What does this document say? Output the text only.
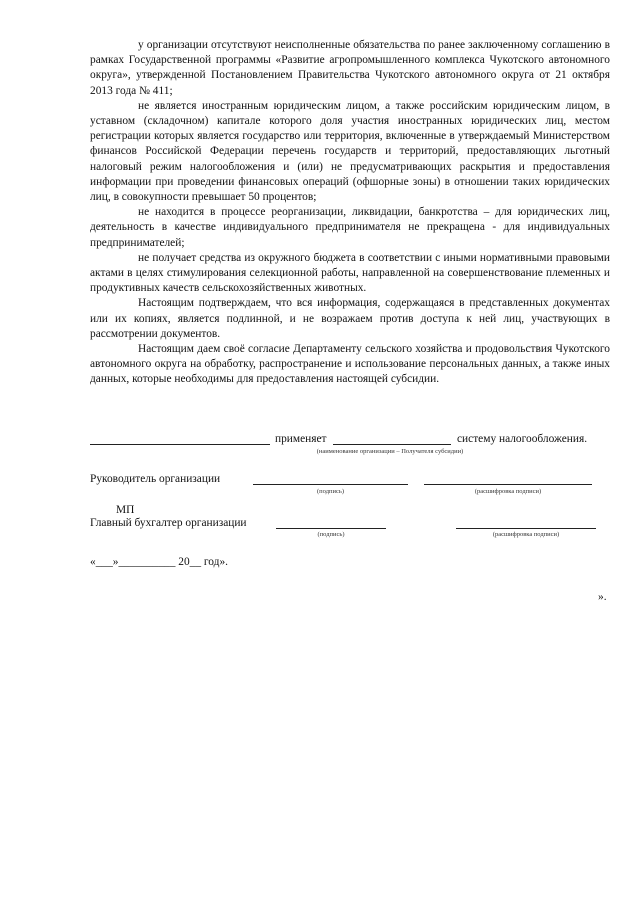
у организации отсутствуют неисполненные обязательства по ранее заключенному соглашению в рамках Государственной программы «Развитие агропромышленного комплекса Чукотского автономного округа», утвержденной Постановлением Правительства Чукотского автономного округа от 21 октября 2013 года № 411;

не является иностранным юридическим лицом, а также российским юридическим лицом, в уставном (складочном) капитале которого доля участия иностранных юридических лиц, местом регистрации которых является государство или территория, включенные в утверждаемый Министерством финансов Российской Федерации перечень государств и территорий, предоставляющих льготный налоговый режим налогообложения и (или) не предусматривающих раскрытия и предоставления информации при проведении финансовых операций (офшорные зоны) в отношении таких юридических лиц, в совокупности превышает 50 процентов;

не находится в процессе реорганизации, ликвидации, банкротства – для юридических лиц, деятельность в качестве индивидуального предпринимателя не прекращена - для индивидуальных предпринимателей;

не получает средства из окружного бюджета в соответствии с иными нормативными правовыми актами в целях стимулирования селекционной работы, направленной на совершенствование племенных и продуктивных качеств сельскохозяйственных животных.

Настоящим подтверждаем, что вся информация, содержащаяся в представленных документах или их копиях, является подлинной, и не возражаем против доступа к ней лиц, участвующих в рассмотрении документов.

Настоящим даем своё согласие Департаменту сельского хозяйства и продовольствия Чукотского автономного округа на обработку, распространение и использование персональных данных, а также иных данных, которые необходимы для предоставления настоящей субсидии.

применяет	систему налогообложения.
(наименование организации – Получателя субсидии)
Руководитель организации
(подпись)	(расшифровка подписи)
МП
Главный бухгалтер организации
(подпись)	(расшифровка подписи)
«___»__________ 20__ год».
».
